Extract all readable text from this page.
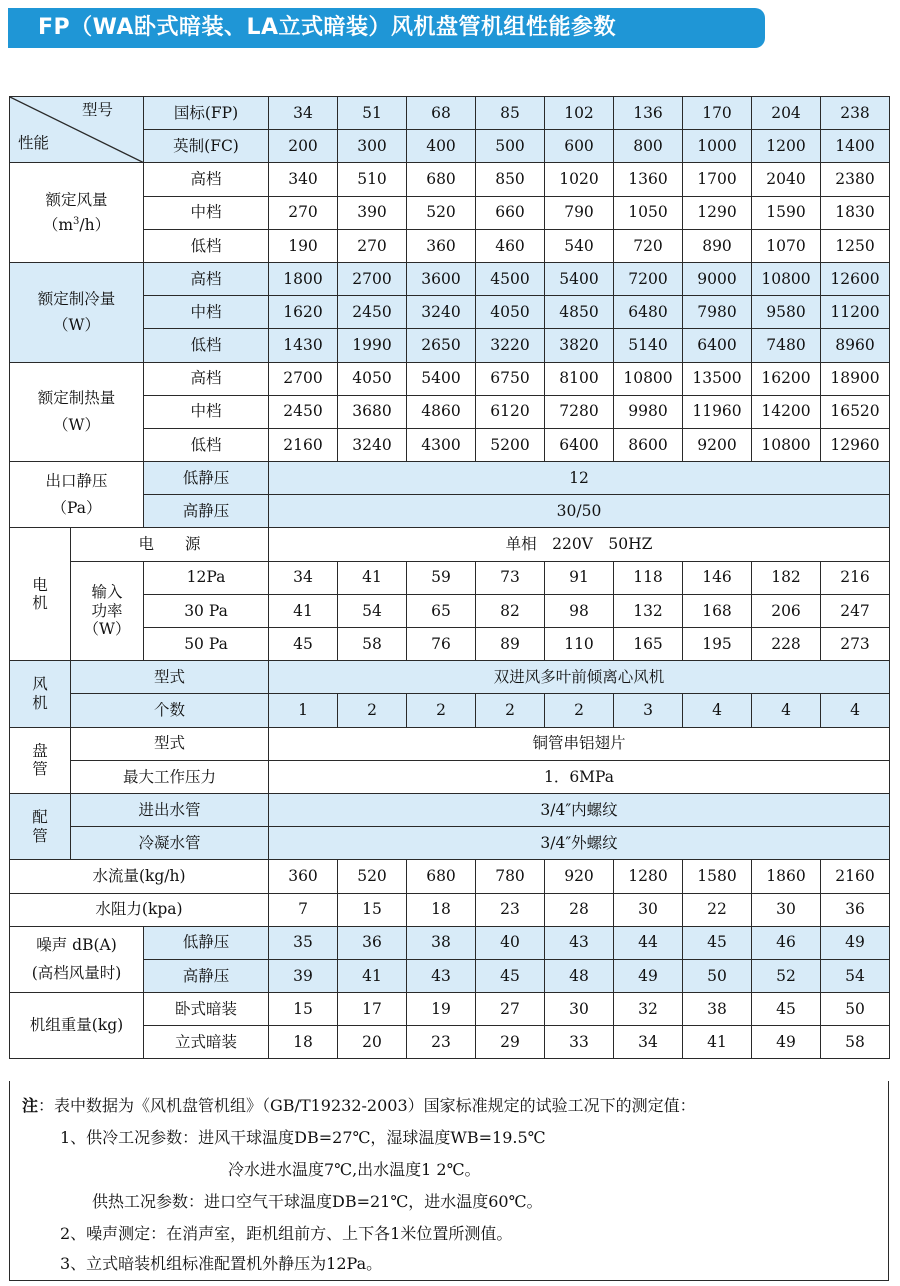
FP（WA卧式暗装、LA立式暗装）风机盘管机组性能参数
型号
性能		国标(FP)	34	51	68	85	102	136	170	204	238
		英制(FC)	200	300	400	500	600	800	1000	1200	1400

额定风量
$(m^3/h)$		高档	340	510	680	850	1020	1360	1700	2040	2380
		中档	270	390	520	660	790	1050	1290	1590	1830
		低档	190	270	360	460	540	720	890	1070	1250

额定制冷量
（W）		高档	1800	2700	3600	4500	5400	7200	9000	10800	12600
		中档	1620	2450	3240	4050	4850	6480	7980	9580	11200
		低档	1430	1990	2650	3220	3820	5140	6400	7480	8960

额定制热量
（W）		高档	2700	4050	5400	6750	8100	10800	13500	16200	18900
		中档	2450	3680	4860	6120	7280	9980	11960	14200	16520
		低档	2160	3240	4300	5200	6400	8600	9200	10800	12960

出口静压
（Pa）		低静压	12								
		高静压	30/50								

电
机	电　　源		单相　220V　50HZ								

	输入
功率
（W）	12Pa	34	41	59	73	91	118	146	182	216
		30 Pa	41	54	65	82	98	132	168	206	247
		50 Pa	45	58	76	89	110	165	195	228	273

风
机	型式		双进风多叶前倾离心风机								
	个数		1	2	2	2	2	3	4	4	4

盘
管	型式		铜管串铝翅片								
	最大工作压力		1．6MPa								

配
管	进出水管		3/4″内螺纹								
	冷凝水管		3/4″外螺纹								
水流量(kg/h)			360	520	680	780	920	1280	1580	1860	2160
水阻力(kpa)			7	15	18	23	28	30	22	30	36

噪声 dB(A)
(高档风量时)		低静压	35	36	38	40	43	44	45	46	49
		高静压	39	41	43	45	48	49	50	52	54
机组重量(kg)		卧式暗装	15	17	19	27	30	32	38	45	50
		立式暗装	18	20	23	29	33	34	41	49	58
注：表中数据为《风机盘管机组》（GB/T19232-2003）国家标准规定的试验工况下的测定值：
1、供冷工况参数：进风干球温度DB=27℃，湿球温度WB=19.5℃
冷水进水温度7℃,出水温度1 2℃。
供热工况参数：进口空气干球温度DB=21℃，进水温度60℃。
2、噪声测定：在消声室，距机组前方、上下各1米位置所测值。
3、立式暗装机组标准配置机外静压为12Pa。
